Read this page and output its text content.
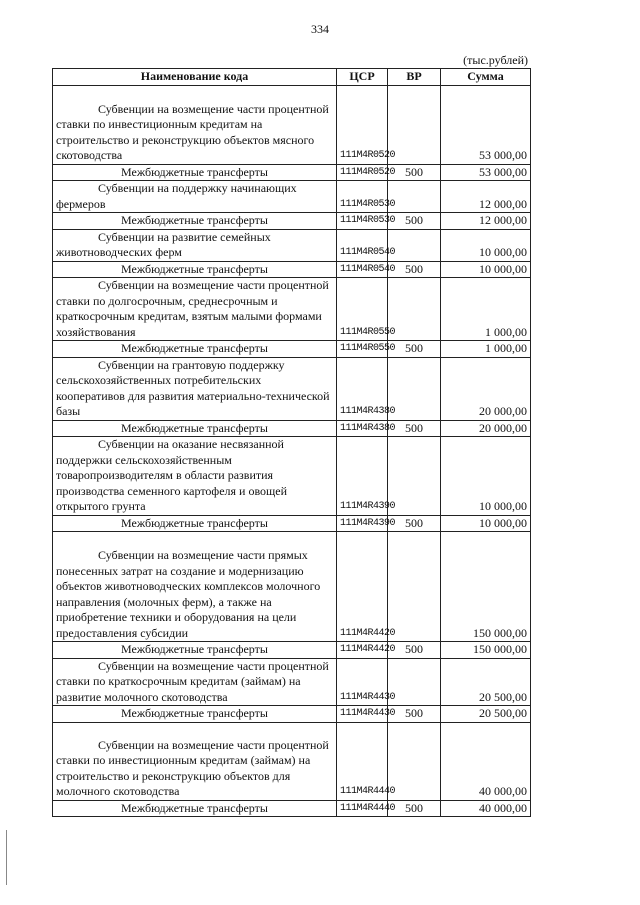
334
(тыс.рублей)
Наименование кода	ЦСР	ВР	Сумма

Субвенции на возмещение части процентной ставки по инвестиционным кредитам на строительство и реконструкцию объектов мясного скотоводства	111M4R0520		53 000,00
Межбюджетные трансферты	111M4R0520	500	53 000,00

Субвенции на поддержку начинающих фермеров	111M4R0530		12 000,00
Межбюджетные трансферты	111M4R0530	500	12 000,00

Субвенции на развитие семейных животноводческих ферм	111M4R0540		10 000,00
Межбюджетные трансферты	111M4R0540	500	10 000,00

Субвенции на возмещение части процентной ставки по долгосрочным, среднесрочным и краткосрочным кредитам, взятым малыми формами хозяйствования	111M4R0550		1 000,00
Межбюджетные трансферты	111M4R0550	500	1 000,00

Субвенции на грантовую поддержку сельскохозяйственных потребительских кооперативов для развития материально-технической базы	111M4R4380		20 000,00
Межбюджетные трансферты	111M4R4380	500	20 000,00

Субвенции на оказание несвязанной поддержки сельскохозяйственным товаропроизводителям в области развития производства семенного картофеля и овощей открытого грунта	111M4R4390		10 000,00
Межбюджетные трансферты	111M4R4390	500	10 000,00

Субвенции на возмещение части прямых понесенных затрат на создание и модернизацию объектов животноводческих комплексов молочного направления (молочных ферм), а также на приобретение техники и оборудования на цели предоставления субсидии	111M4R4420		150 000,00
Межбюджетные трансферты	111M4R4420	500	150 000,00

Субвенции на возмещение части процентной ставки по краткосрочным кредитам (займам) на развитие молочного скотоводства	111M4R4430		20 500,00
Межбюджетные трансферты	111M4R4430	500	20 500,00

Субвенции на возмещение части процентной ставки по инвестиционным кредитам (займам) на строительство и реконструкцию объектов для молочного скотоводства	111M4R4440		40 000,00
Межбюджетные трансферты	111M4R4440	500	40 000,00
